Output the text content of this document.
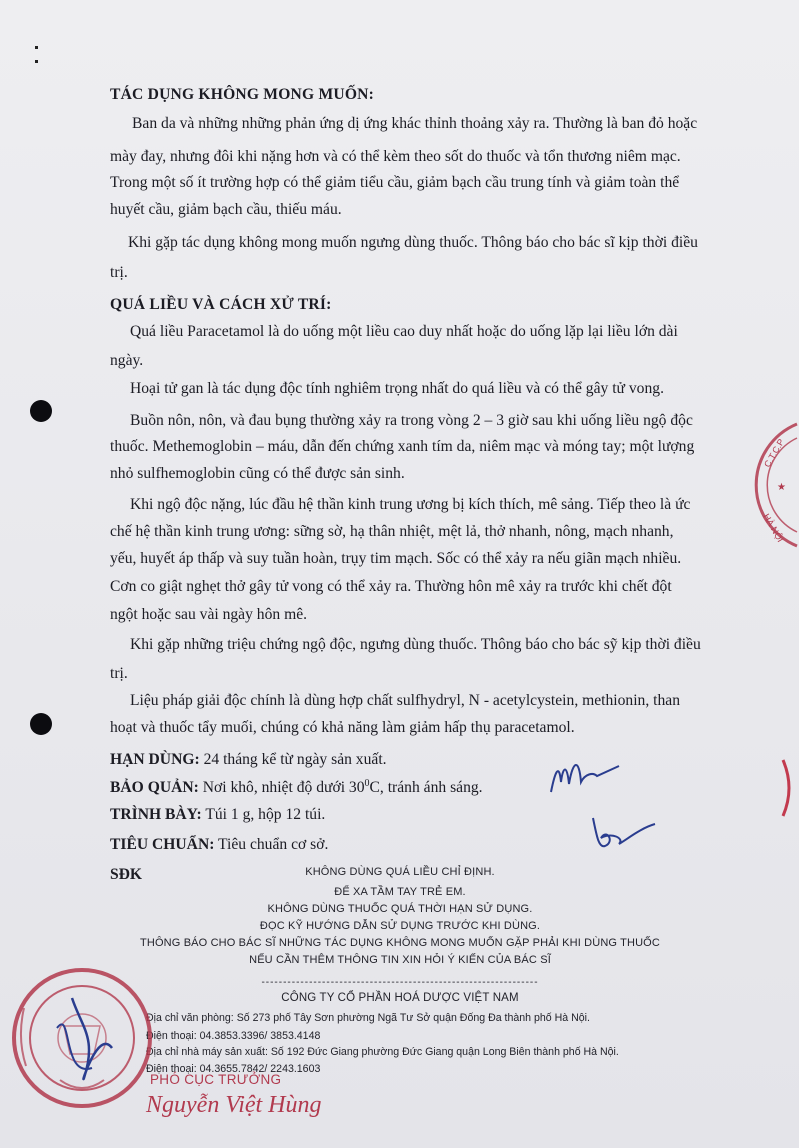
TÁC DỤNG KHÔNG MONG MUỐN:
Ban da và những những phản ứng dị ứng khác thỉnh thoảng xảy ra. Thường là ban đỏ hoặc
mày đay, nhưng đôi khi nặng hơn và có thể kèm theo sốt do thuốc và tổn thương niêm mạc.
Trong một số ít trường hợp có thể giảm tiểu cầu, giảm bạch cầu trung tính và giảm toàn thể
huyết cầu, giảm bạch cầu, thiếu máu.
Khi gặp tác dụng không mong muốn ngưng dùng thuốc. Thông báo cho bác sĩ kịp thời điều
trị.
QUÁ LIỀU VÀ CÁCH XỬ TRÍ:
Quá liều Paracetamol là do uống một liều cao duy nhất hoặc do uống lặp lại liều lớn dài
ngày.
Hoại tử gan là tác dụng độc tính nghiêm trọng nhất do quá liều và có thể gây tử vong.
Buồn nôn, nôn, và đau bụng thường xảy ra trong vòng 2 – 3 giờ sau khi uống liều ngộ độc
thuốc. Methemoglobin – máu, dẫn đến chứng xanh tím da, niêm mạc và móng tay; một lượng
nhỏ sulfhemoglobin cũng có thể được sản sinh.
Khi ngộ độc nặng, lúc đầu hệ thần kinh trung ương bị kích thích, mê sảng. Tiếp theo là ức
chế hệ thần kinh trung ương: sững sờ, hạ thân nhiệt, mệt lả, thở nhanh, nông, mạch nhanh,
yếu, huyết áp thấp và suy tuần hoàn, trụy tim mạch. Sốc có thể xảy ra nếu giãn mạch nhiều.
Cơn co giật nghẹt thở gây tử vong có thể xảy ra. Thường hôn mê xảy ra trước khi chết đột
ngột hoặc sau vài ngày hôn mê.
Khi gặp những triệu chứng ngộ độc, ngưng dùng thuốc. Thông báo cho bác sỹ kịp thời điều
trị.
Liệu pháp giải độc chính là dùng hợp chất sulfhydryl, N - acetylcystein, methionin, than
hoạt và thuốc tẩy muối, chúng có khả năng làm giảm hấp thụ paracetamol.
HẠN DÙNG: 24 tháng kể từ ngày sản xuất.
BẢO QUẢN: Nơi khô, nhiệt độ dưới $30^0C$, tránh ánh sáng.
TRÌNH BÀY: Túi 1 g, hộp 12 túi.
TIÊU CHUẨN: Tiêu chuẩn cơ sở.
SĐK	KHÔNG DÙNG QUÁ LIỀU CHỈ ĐỊNH.
ĐỂ XA TẦM TAY TRẺ EM.
KHÔNG DÙNG THUỐC QUÁ THỜI HẠN SỬ DỤNG.
ĐỌC KỸ HƯỚNG DẪN SỬ DỤNG TRƯỚC KHI DÙNG.
THÔNG BÁO CHO BÁC SĨ NHỮNG TÁC DỤNG KHÔNG MONG MUỐN GẶP PHẢI KHI DÙNG THUỐC
NẾU CẦN THÊM THÔNG TIN XIN HỎI Ý KIẾN CỦA BÁC SĨ
----------------------------------------------------------------
CÔNG TY CỔ PHẦN HOÁ DƯỢC VIỆT NAM
Địa chỉ văn phòng: Số 273 phố Tây Sơn phường Ngã Tư Sở quận Đống Đa thành phố Hà Nội.
Điện thoại: 04.3853.3396/ 3853.4148
Địa chỉ nhà máy sản xuất: Số 192 Đức Giang phường Đức Giang quận Long Biên thành phố Hà Nội.
Điện thoại: 04.3655.7842/ 2243.1603
PHÓ CỤC TRƯỞNG
Nguyễn Việt Hùng
C.T.C.P
★
HÀ NỘI
